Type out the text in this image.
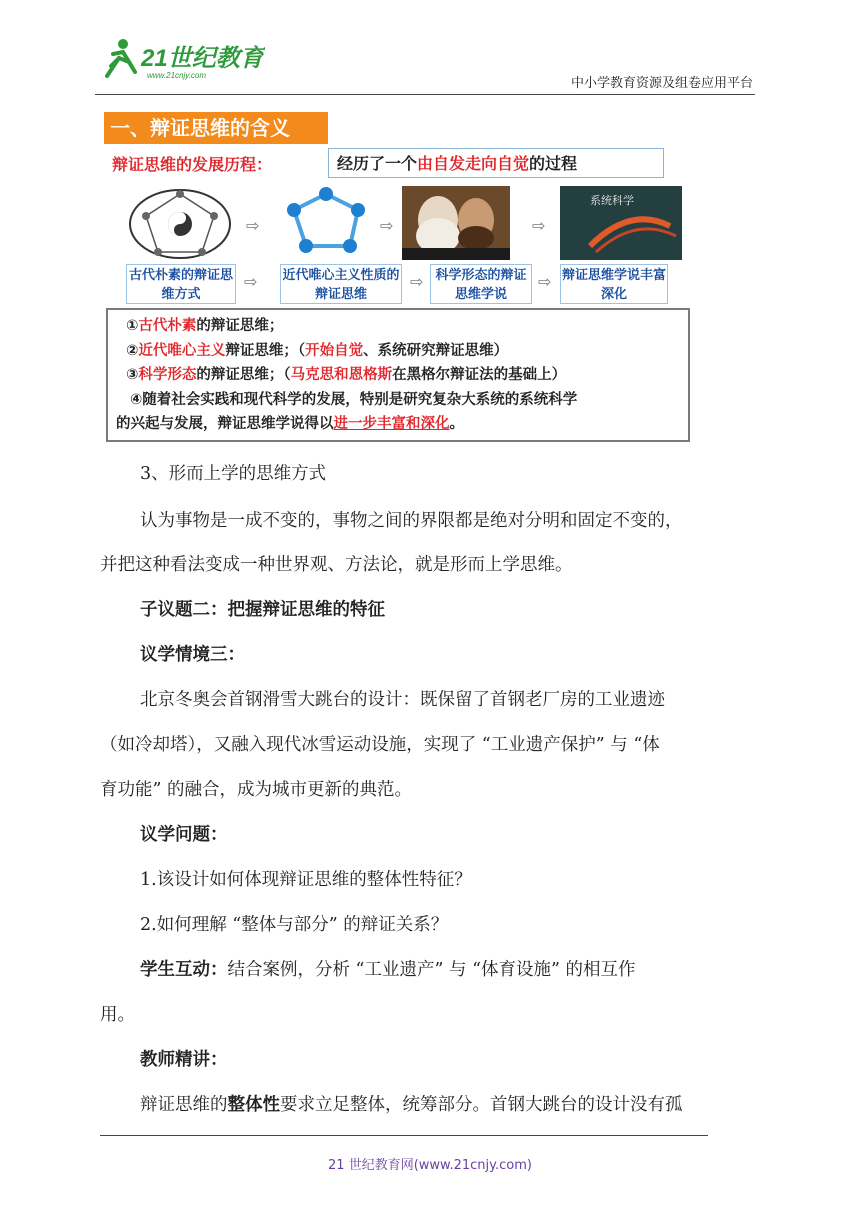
21世纪教育
www.21cnjy.com
中小学教育资源及组卷应用平台
一、辩证思维的含义
辩证思维的发展历程：	经历了一个由自发走向自觉的过程
⇨	⇨	⇨
系统科学
古代朴素的辩证思维方式
⇨ 近代唯心主义性质的辩证思维
⇨ 科学形态的辩证思维学说
⇨ 辩证思维学说丰富深化
①古代朴素的辩证思维；
②近代唯心主义辩证思维；（开始自觉、系统研究辩证思维）
③科学形态的辩证思维；（马克思和恩格斯在黑格尔辩证法的基础上）
④随着社会实践和现代科学的发展，特别是研究复杂大系统的系统科学
的兴起与发展，辩证思维学说得以进一步丰富和深化。
3、形而上学的思维方式
认为事物是一成不变的，事物之间的界限都是绝对分明和固定不变的，
并把这种看法变成一种世界观、方法论，就是形而上学思维。
子议题二：把握辩证思维的特征
议学情境三：
北京冬奥会首钢滑雪大跳台的设计：既保留了首钢老厂房的工业遗迹
（如冷却塔），又融入现代冰雪运动设施，实现了 “工业遗产保护” 与 “体
育功能” 的融合，成为城市更新的典范。
议学问题：
1.该设计如何体现辩证思维的整体性特征？
2.如何理解 “整体与部分” 的辩证关系？
学生互动：结合案例，分析 “工业遗产” 与 “体育设施” 的相互作
用。
教师精讲：
辩证思维的整体性要求立足整体，统筹部分。首钢大跳台的设计没有孤
21 世纪教育网(www.21cnjy.com)
